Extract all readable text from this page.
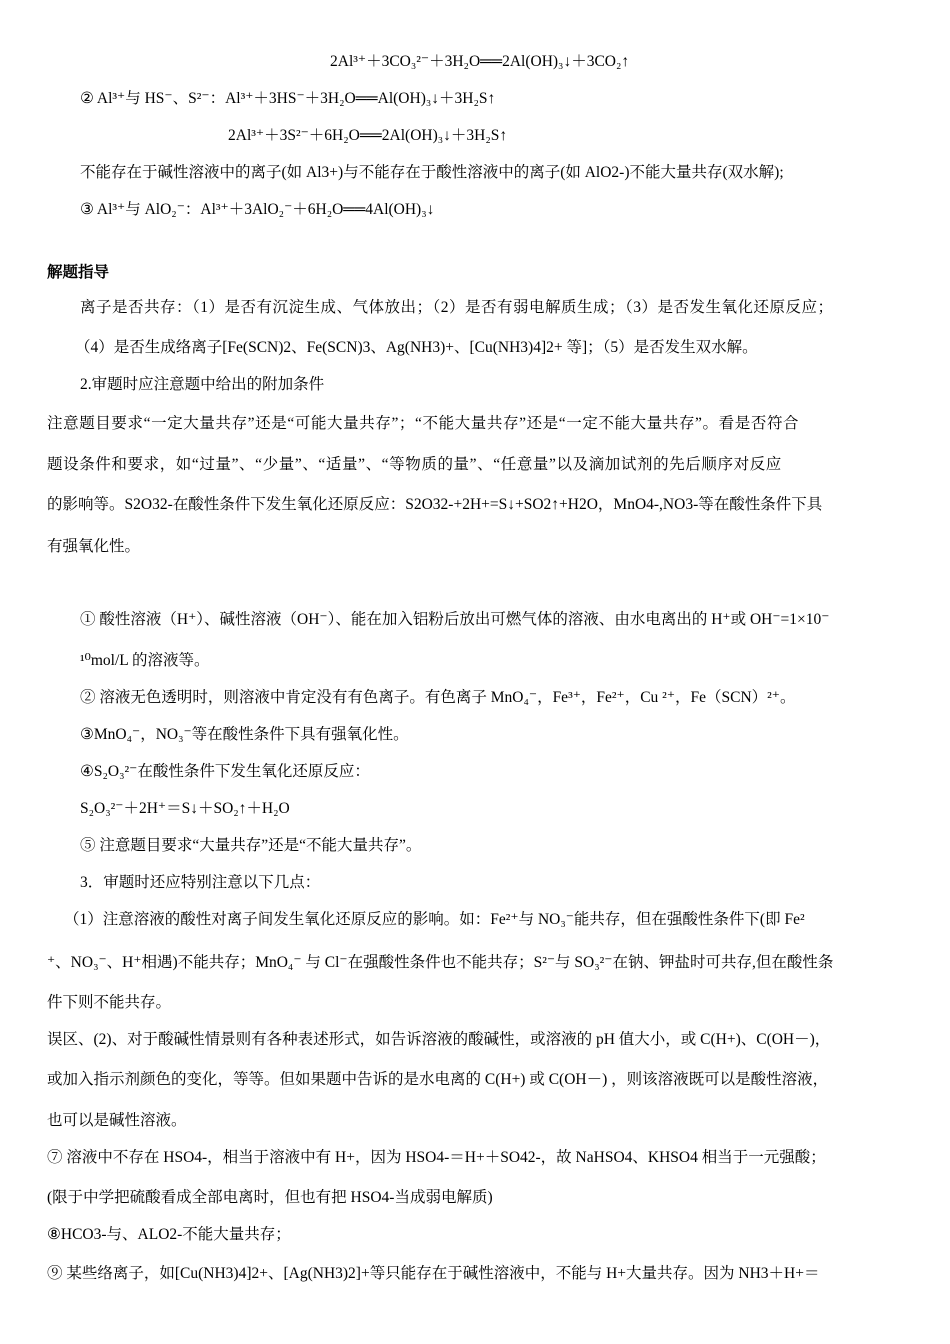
2Al³⁺＋3CO₃²⁻＋3H₂O══2Al(OH)₃↓＋3CO₂↑
② Al³⁺与 HS⁻、S²⁻：Al³⁺＋3HS⁻＋3H₂O══Al(OH)₃↓＋3H₂S↑
2Al³⁺＋3S²⁻＋6H₂O══2Al(OH)₃↓＋3H₂S↑
不能存在于碱性溶液中的离子(如 Al3+)与不能存在于酸性溶液中的离子(如 AlO2-)不能大量共存(双水解);
③ Al³⁺与 AlO₂⁻：Al³⁺＋3AlO₂⁻＋6H₂O══4Al(OH)₃↓
解题指导
离子是否共存：（1）是否有沉淀生成、气体放出；（2）是否有弱电解质生成；（3）是否发生氧化还原反应；
（4）是否生成络离子[Fe(SCN)2、Fe(SCN)3、Ag(NH3)+、[Cu(NH3)4]2+ 等]；（5）是否发生双水解。
2.审题时应注意题中给出的附加条件
注意题目要求“一定大量共存”还是“可能大量共存”；“不能大量共存”还是“一定不能大量共存”。看是否符合
题设条件和要求，如“过量”、“少量”、“适量”、“等物质的量”、“任意量”以及滴加试剂的先后顺序对反应
的影响等。S2O32-在酸性条件下发生氧化还原反应：S2O32-+2H+=S↓+SO2↑+H2O，MnO4-,NO3-等在酸性条件下具
有强氧化性。
① 酸性溶液（H⁺）、碱性溶液（OH⁻）、能在加入铝粉后放出可燃气体的溶液、由水电离出的 H⁺或 OH⁻=1×10⁻
¹⁰mol/L 的溶液等。
② 溶液无色透明时，则溶液中肯定没有有色离子。有色离子 MnO₄⁻，Fe³⁺，Fe²⁺，Cu ²⁺，Fe（SCN）²⁺。
③MnO₄⁻，NO₃⁻等在酸性条件下具有强氧化性。
④S₂O₃²⁻在酸性条件下发生氧化还原反应：
S₂O₃²⁻＋2H⁺＝S↓＋SO₂↑＋H₂O
⑤ 注意题目要求“大量共存”还是“不能大量共存”。
3．审题时还应特别注意以下几点：
（1）注意溶液的酸性对离子间发生氧化还原反应的影响。如：Fe²⁺与 NO₃⁻能共存，但在强酸性条件下(即 Fe²
⁺、NO₃⁻、H⁺相遇)不能共存；MnO₄⁻ 与 Cl⁻在强酸性条件也不能共存；S²⁻与 SO₃²⁻在钠、钾盐时可共存,但在酸性条
件下则不能共存。
误区、(2)、对于酸碱性情景则有各种表述形式，如告诉溶液的酸碱性，或溶液的 pH 值大小，或 C(H+)、C(OH－)，
或加入指示剂颜色的变化，等等。但如果题中告诉的是水电离的 C(H+) 或 C(OH－) ，则该溶液既可以是酸性溶液，
也可以是碱性溶液。
⑦ 溶液中不存在 HSO4-，相当于溶液中有 H+，因为 HSO4-＝H+＋SO42-，故 NaHSO4、KHSO4 相当于一元强酸；
(限于中学把硫酸看成全部电离时，但也有把 HSO4-当成弱电解质)
⑧HCO3-与、ALO2-不能大量共存；
⑨ 某些络离子，如[Cu(NH3)4]2+、[Ag(NH3)2]+等只能存在于碱性溶液中，不能与 H+大量共存。因为 NH3＋H+＝
